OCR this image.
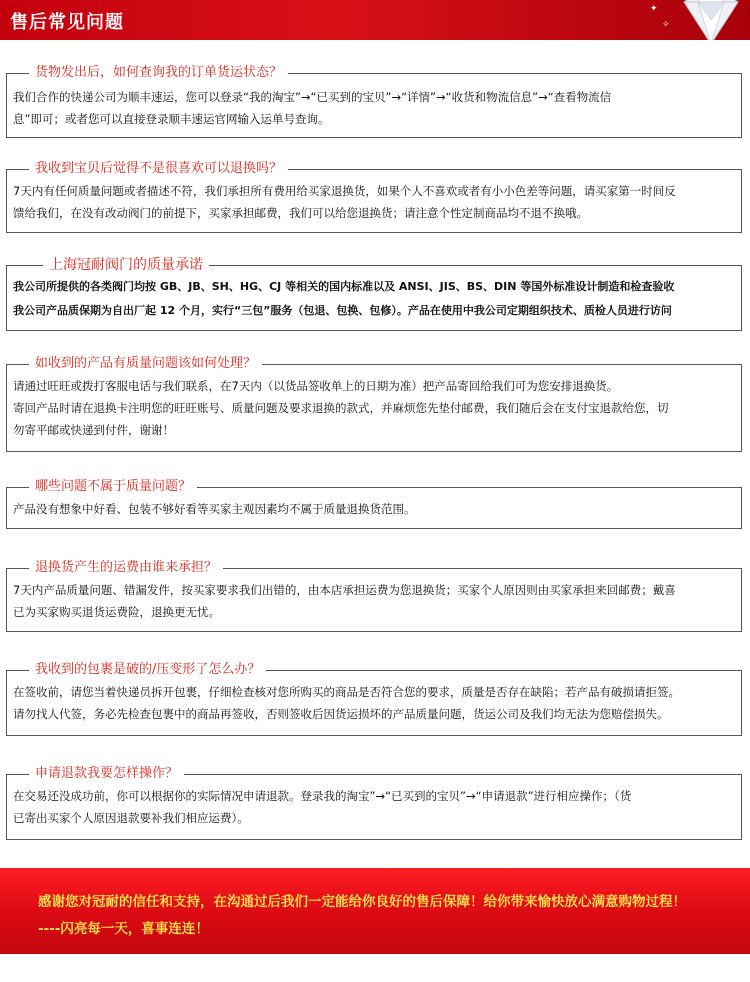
售后常见问题
✦
✧
货物发出后，如何查询我的订单货运状态？
我们合作的快递公司为顺丰速运，您可以登录“我的淘宝”→“已买到的宝贝”→“详情”→“收货和物流信息”→“查看物流信
息”即可；或者您可以直接登录顺丰速运官网输入运单号查询。
我收到宝贝后觉得不是很喜欢可以退换吗？
7天内有任何质量问题或者描述不符，我们承担所有费用给买家退换货，如果个人不喜欢或者有小小色差等问题，请买家第一时间反
馈给我们，在没有改动阀门的前提下，买家承担邮费，我们可以给您退换货；请注意个性定制商品均不退不换哦。
上海冠耐阀门的质量承诺
我公司所提供的各类阀门均按 GB、JB、SH、HG、CJ 等相关的国内标准以及 ANSI、JIS、BS、DIN 等国外标准设计制造和检查验收
我公司产品质保期为自出厂起 12 个月，实行“三包”服务（包退、包换、包修）。产品在使用中我公司定期组织技术、质检人员进行访问
如收到的产品有质量问题该如何处理？
请通过旺旺或拨打客服电话与我们联系，在7天内（以货品签收单上的日期为准）把产品寄回给我们可为您安排退换货。
寄回产品时请在退换卡注明您的旺旺账号、质量问题及要求退换的款式，并麻烦您先垫付邮费，我们随后会在支付宝退款给您，切
勿寄平邮或快递到付件，谢谢！
哪些问题不属于质量问题？
产品没有想象中好看、包装不够好看等买家主观因素均不属于质量退换货范围。
退换货产生的运费由谁来承担？
7天内产品质量问题、错漏发件，按买家要求我们出错的，由本店承担运费为您退换货；买家个人原因则由买家承担来回邮费；戴喜
已为买家购买退货运费险，退换更无忧。
我收到的包裹是破的/压变形了怎么办？
在签收前，请您当着快递员拆开包裹，仔细检查核对您所购买的商品是否符合您的要求，质量是否存在缺陷；若产品有破损请拒签。
请勿找人代签，务必先检查包裹中的商品再签收，否则签收后因货运损坏的产品质量问题，货运公司及我们均无法为您赔偿损失。
申请退款我要怎样操作？
在交易还没成功前，你可以根据你的实际情况申请退款。登录我的淘宝”→“已买到的宝贝”→“申请退款”进行相应操作；（货
已寄出买家个人原因退款要补我们相应运费）。
感谢您对冠耐的信任和支持，在沟通过后我们一定能给你良好的售后保障！给你带来愉快放心满意购物过程！
----闪亮每一天，喜事连连！
